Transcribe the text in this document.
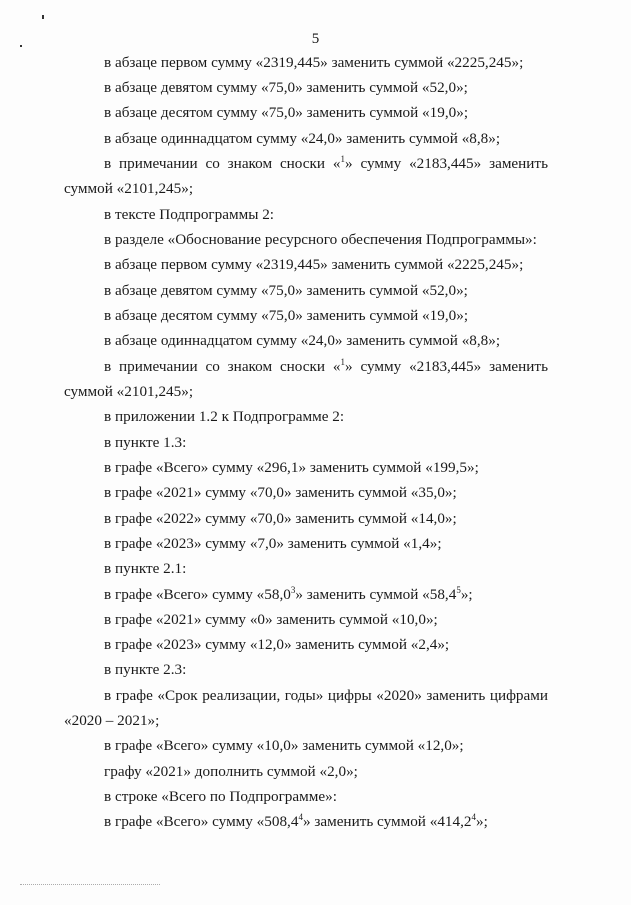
5
в абзаце первом сумму «2319,445» заменить суммой «2225,245»;
в абзаце девятом сумму «75,0» заменить суммой «52,0»;
в абзаце десятом сумму «75,0» заменить суммой «19,0»;
в абзаце одиннадцатом сумму «24,0» заменить суммой «8,8»;
в примечании со знаком сноски «$^1$» сумму «2183,445» заменить
суммой «2101,245»;
в тексте Подпрограммы 2:
в разделе «Обоснование ресурсного обеспечения Подпрограммы»:
в абзаце первом сумму «2319,445» заменить суммой «2225,245»;
в абзаце девятом сумму «75,0» заменить суммой «52,0»;
в абзаце десятом сумму «75,0» заменить суммой «19,0»;
в абзаце одиннадцатом сумму «24,0» заменить суммой «8,8»;
в примечании со знаком сноски «$^1$» сумму «2183,445» заменить
суммой «2101,245»;
в приложении 1.2 к Подпрограмме 2:
в пункте 1.3:
в графе «Всего» сумму «296,1» заменить суммой «199,5»;
в графе «2021» сумму «70,0» заменить суммой «35,0»;
в графе «2022» сумму «70,0» заменить суммой «14,0»;
в графе «2023» сумму «7,0» заменить суммой «1,4»;
в пункте 2.1:
в графе «Всего» сумму «58,0$^3$» заменить суммой «58,4$^5$»;
в графе «2021» сумму «0» заменить суммой «10,0»;
в графе «2023» сумму «12,0» заменить суммой «2,4»;
в пункте 2.3:
в графе «Срок реализации, годы» цифры «2020» заменить цифрами
«2020 – 2021»;
в графе «Всего» сумму «10,0» заменить суммой «12,0»;
графу «2021» дополнить суммой «2,0»;
в строке «Всего по Подпрограмме»:
в графе «Всего» сумму «508,4$^4$» заменить суммой «414,2$^4$»;
